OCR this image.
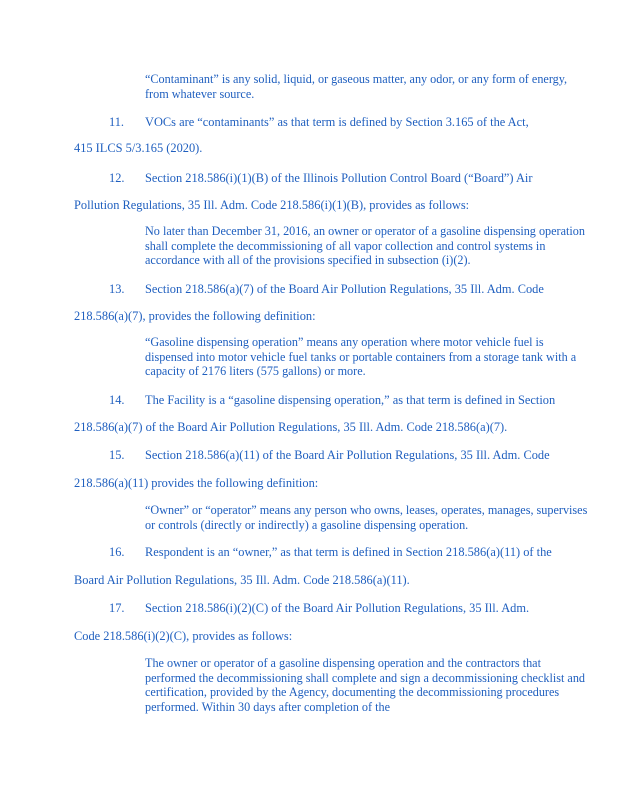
“Contaminant” is any solid, liquid, or gaseous matter, any odor, or any form of energy, from whatever source.
11. VOCs are “contaminants” as that term is defined by Section 3.165 of the Act,
415 ILCS 5/3.165 (2020).
12. Section 218.586(i)(1)(B) of the Illinois Pollution Control Board (“Board”) Air
Pollution Regulations, 35 Ill. Adm. Code 218.586(i)(1)(B), provides as follows:
No later than December 31, 2016, an owner or operator of a gasoline dispensing operation shall complete the decommissioning of all vapor collection and control systems in accordance with all of the provisions specified in subsection (i)(2).
13. Section 218.586(a)(7) of the Board Air Pollution Regulations, 35 Ill. Adm. Code
218.586(a)(7), provides the following definition:
“Gasoline dispensing operation” means any operation where motor vehicle fuel is dispensed into motor vehicle fuel tanks or portable containers from a storage tank with a capacity of 2176 liters (575 gallons) or more.
14. The Facility is a “gasoline dispensing operation,” as that term is defined in Section
218.586(a)(7) of the Board Air Pollution Regulations, 35 Ill. Adm. Code 218.586(a)(7).
15. Section 218.586(a)(11) of the Board Air Pollution Regulations, 35 Ill. Adm. Code
218.586(a)(11) provides the following definition:
“Owner” or “operator” means any person who owns, leases, operates, manages, supervises or controls (directly or indirectly) a gasoline dispensing operation.
16. Respondent is an “owner,” as that term is defined in Section 218.586(a)(11) of the
Board Air Pollution Regulations, 35 Ill. Adm. Code 218.586(a)(11).
17. Section 218.586(i)(2)(C) of the Board Air Pollution Regulations, 35 Ill. Adm.
Code 218.586(i)(2)(C), provides as follows:
The owner or operator of a gasoline dispensing operation and the contractors that performed the decommissioning shall complete and sign a decommissioning checklist and certification, provided by the Agency, documenting the decommissioning procedures performed. Within 30 days after completion of the
